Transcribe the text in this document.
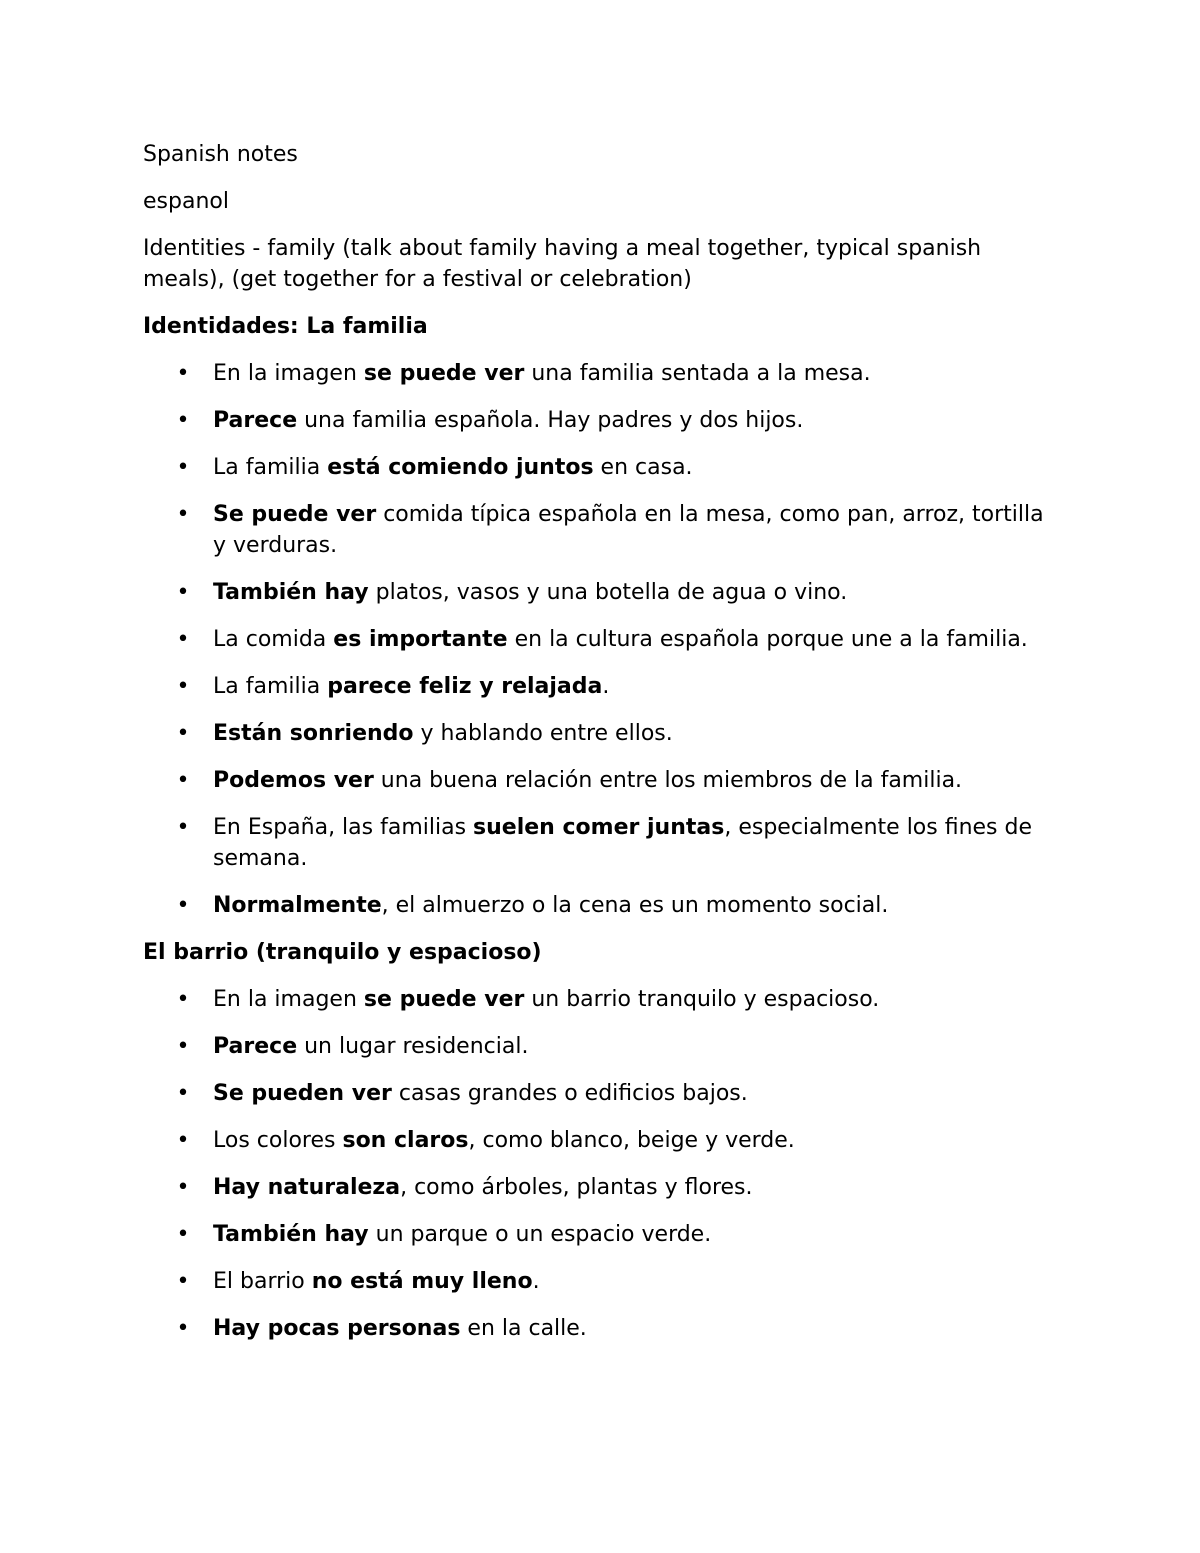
Spanish notes

espanol

Identities - family (talk about family having a meal together, typical spanish meals), (get together for a festival or celebration)

Identidades: La familia

• En la imagen se puede ver una familia sentada a la mesa.
• Parece una familia española. Hay padres y dos hijos.
• La familia está comiendo juntos en casa.
• Se puede ver comida típica española en la mesa, como pan, arroz, tortilla y verduras.
• También hay platos, vasos y una botella de agua o vino.
• La comida es importante en la cultura española porque une a la familia.
• La familia parece feliz y relajada.
• Están sonriendo y hablando entre ellos.
• Podemos ver una buena relación entre los miembros de la familia.
• En España, las familias suelen comer juntas, especialmente los fines de semana.
• Normalmente, el almuerzo o la cena es un momento social.

El barrio (tranquilo y espacioso)

• En la imagen se puede ver un barrio tranquilo y espacioso.
• Parece un lugar residencial.
• Se pueden ver casas grandes o edificios bajos.
• Los colores son claros, como blanco, beige y verde.
• Hay naturaleza, como árboles, plantas y flores.
• También hay un parque o un espacio verde.
• El barrio no está muy lleno.
• Hay pocas personas en la calle.
